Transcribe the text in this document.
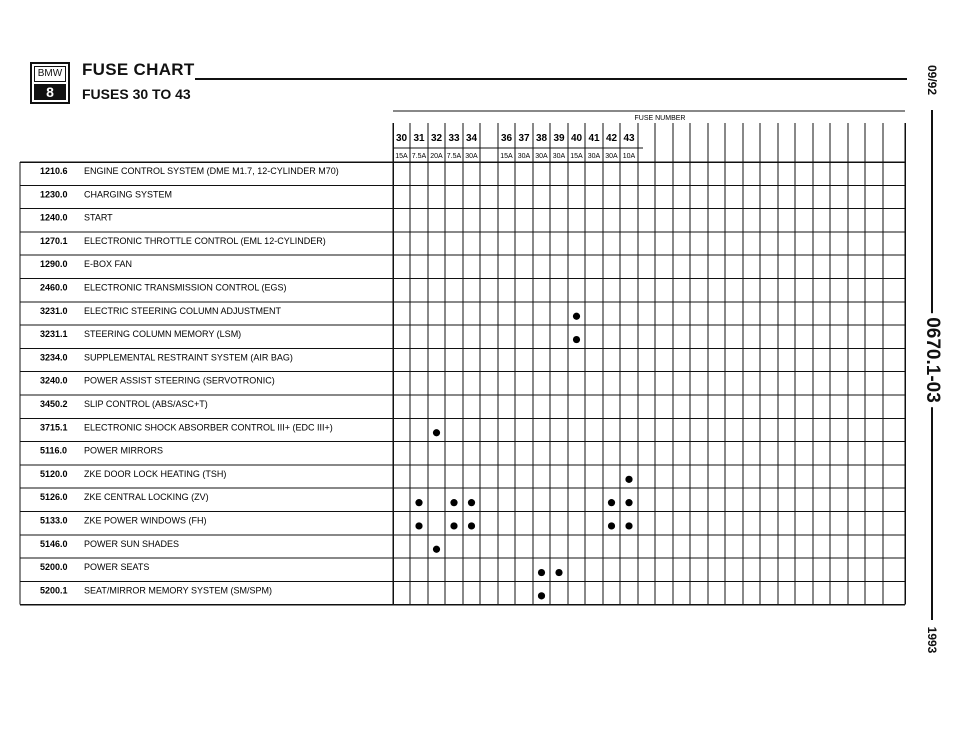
BMW
8
FUSE CHART
FUSES 30 TO 43	09/92
0670.1-03
1993
FUSE NUMBER
30
15A
31
7.5A
32
20A
33
7.5A
34
30A
36
15A
37
30A
38
30A
39
30A
40
15A
41
30A
42
30A
43
10A
1210.6 ENGINE CONTROL SYSTEM (DME M1.7, 12-CYLINDER M70)
1230.0 CHARGING SYSTEM
1240.0 START
1270.1 ELECTRONIC THROTTLE CONTROL (EML 12-CYLINDER)
1290.0 E-BOX FAN
2460.0 ELECTRONIC TRANSMISSION CONTROL (EGS)
3231.0 ELECTRIC STEERING COLUMN ADJUSTMENT
3231.1 STEERING COLUMN MEMORY (LSM)
3234.0 SUPPLEMENTAL RESTRAINT SYSTEM (AIR BAG)
3240.0 POWER ASSIST STEERING (SERVOTRONIC)
3450.2 SLIP CONTROL (ABS/ASC+T)
3715.1 ELECTRONIC SHOCK ABSORBER CONTROL III+ (EDC III+)
5116.0 POWER MIRRORS
5120.0 ZKE DOOR LOCK HEATING (TSH)
5126.0 ZKE CENTRAL LOCKING (ZV)
5133.0 ZKE POWER WINDOWS (FH)
5146.0 POWER SUN SHADES
5200.0 POWER SEATS
5200.1 SEAT/MIRROR MEMORY SYSTEM (SM/SPM)
